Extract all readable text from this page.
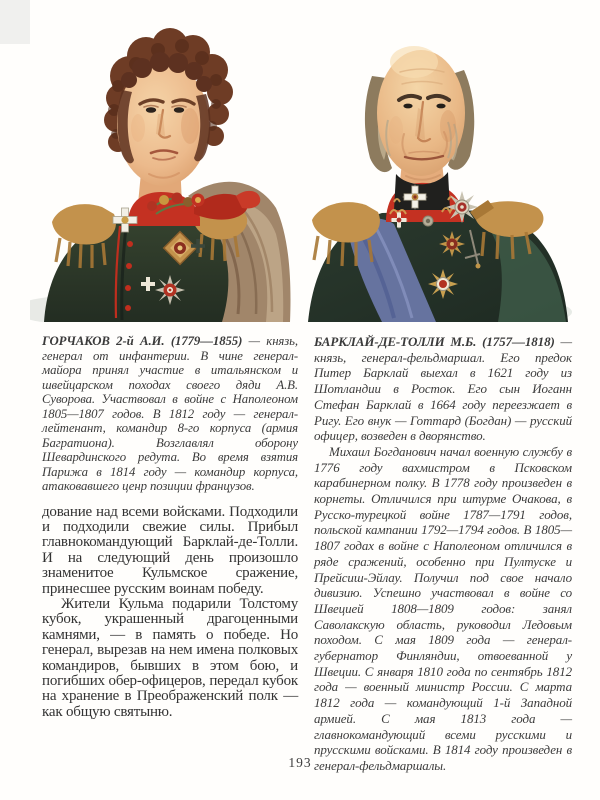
ГОРЧАКОВ 2-й А.И. (1779—1855) — князь, генерал от инфантерии. В чине генерал-майора принял участие в итальянском и швейцарском походах своего дяди А.В. Суворова. Участвовал в войне с Наполеоном 1805—1807 годов. В 1812 году — генерал-лейтенант, командир 8-го корпуса (армия Багратиона). Возглавлял оборону Шевардинского редута. Во время взятия Парижа в 1814 году — командир корпуса, атаковавшего ценр позиции французов.

дование над всеми войсками. Подходили и подходили свежие силы. Прибыл главнокомандующий Барклай-де-Толли. И на следующий день произошло знаменитое Кульмское сражение, принесшее русским воинам победу.

Жители Кульма подарили Толстому кубок, украшенный драгоценными камнями, — в память о победе. Но генерал, вырезав на нем имена полковых командиров, бывших в этом бою, и погибших обер-офицеров, передал кубок на хранение в Преображенский полк — как общую святыню.

БАРКЛАЙ-ДЕ-ТОЛЛИ М.Б. (1757—1818) — князь, генерал-фельдмаршал. Его предок Питер Барклай выехал в 1621 году из Шотландии в Росток. Его сын Иоганн Стефан Барклай в 1664 году переезжает в Ригу. Его внук — Готтард (Богдан) — русский офицер, возведен в дворянство.

Михаил Богданович начал военную службу в 1776 году вахмистром в Псковском карабинерном полку. В 1778 году произведен в корнеты. Отличился при штурме Очакова, в Русско-турецкой войне 1787—1791 годов, польской кампании 1792—1794 годов. В 1805—1807 годах в войне с Наполеоном отличился в ряде сражений, особенно при Пултуске и Прейсиш-Эйлау. Получил под свое начало дивизию. Успешно участвовал в войне со Швецией 1808—1809 годов: занял Саволакскую область, руководил Ледовым походом. С мая 1809 года — генерал-губернатор Финляндии, отвоеванной у Швеции. С января 1810 года по сентябрь 1812 года — военный министр России. С марта 1812 года — командующий 1-й Западной армией. С мая 1813 года — главнокомандующий всеми русскими и прусскими войсками. В 1814 году произведен в генерал-фельдмаршалы.

193
